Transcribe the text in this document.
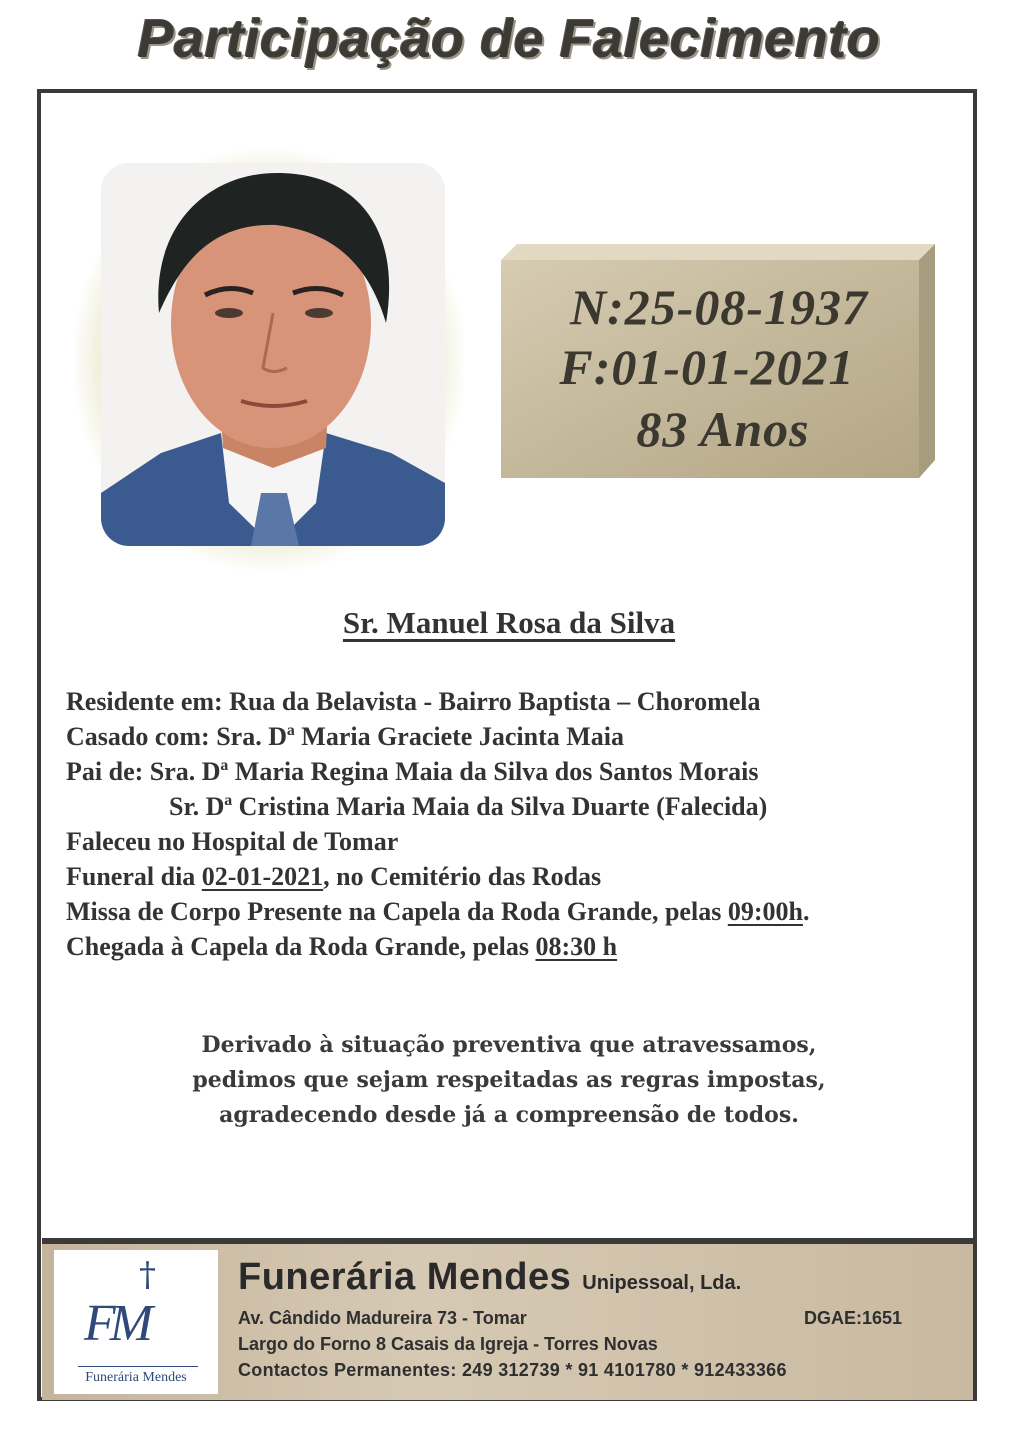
Participação de Falecimento
N:25-08-1937
F:01-01-2021
83 Anos
Sr. Manuel Rosa da Silva
Residente em: Rua da Belavista - Bairro Baptista – Choromela
Casado com: Sra. Dª Maria Graciete Jacinta Maia
Pai de: Sra. Dª Maria Regina Maia da Silva dos Santos Morais
Sr. Dª Cristina Maria Maia da Silva Duarte (Falecida)
Faleceu no Hospital de Tomar
Funeral dia 02-01-2021, no Cemitério das Rodas
Missa de Corpo Presente na Capela da Roda Grande, pelas 09:00h.
Chegada à Capela da Roda Grande, pelas 08:30 h
Derivado à situação preventiva que atravessamos,
pedimos que sejam respeitadas as regras impostas,
agradecendo desde já a compreensão de todos.
†
FM
Funerária Mendes
Funerária Mendes Unipessoal, Lda.
Av. Cândido Madureira 73 - Tomar	DGAE:1651
Largo do Forno 8 Casais da Igreja - Torres Novas
Contactos Permanentes: 249 312739 * 91 4101780 * 912433366
